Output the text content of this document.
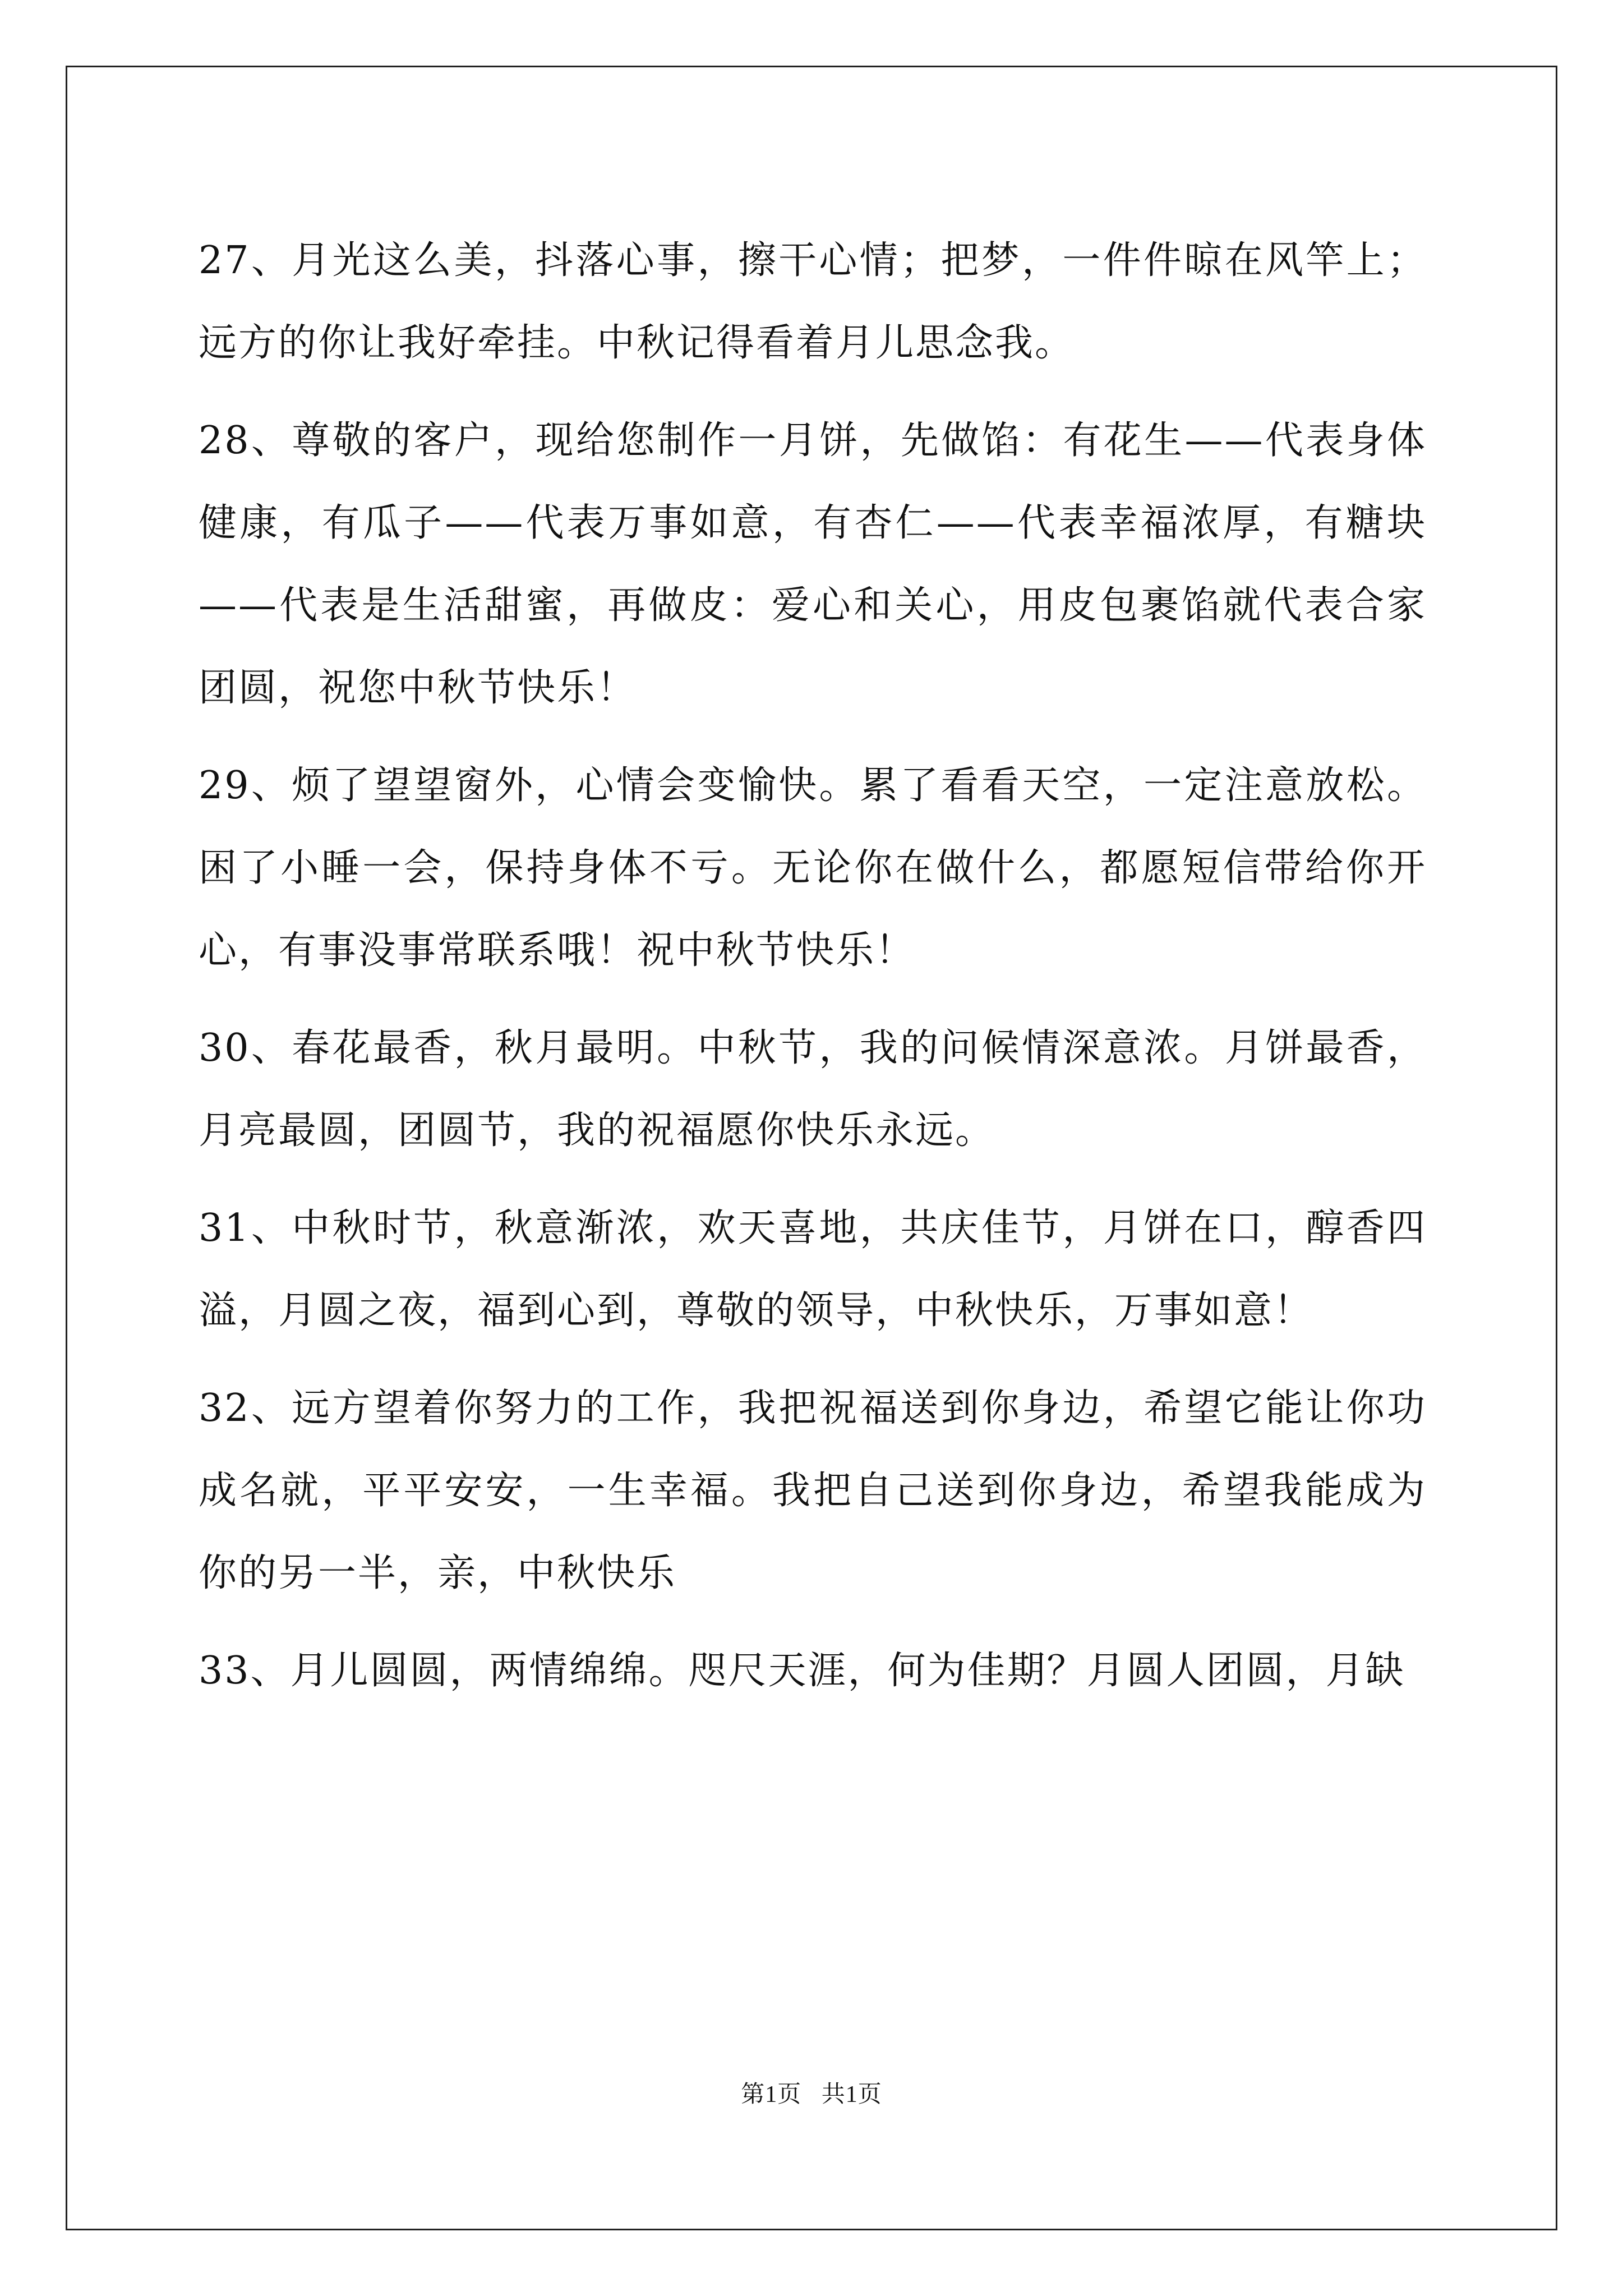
27、月光这么美，抖落心事，擦干心情；把梦，一件件晾在风竿上；远方的你让我好牵挂。中秋记得看着月儿思念我。

28、尊敬的客户，现给您制作一月饼，先做馅：有花生——代表身体健康，有瓜子——代表万事如意，有杏仁——代表幸福浓厚，有糖块——代表是生活甜蜜，再做皮：爱心和关心，用皮包裹馅就代表合家团圆，祝您中秋节快乐！

29、烦了望望窗外，心情会变愉快。累了看看天空，一定注意放松。困了小睡一会，保持身体不亏。无论你在做什么，都愿短信带给你开心，有事没事常联系哦！祝中秋节快乐！

30、春花最香，秋月最明。中秋节，我的问候情深意浓。月饼最香，月亮最圆，团圆节，我的祝福愿你快乐永远。

31、中秋时节，秋意渐浓，欢天喜地，共庆佳节，月饼在口，醇香四溢，月圆之夜，福到心到，尊敬的领导，中秋快乐，万事如意！

32、远方望着你努力的工作，我把祝福送到你身边，希望它能让你功成名就，平平安安，一生幸福。我把自己送到你身边，希望我能成为你的另一半，亲，中秋快乐

33、月儿圆圆，两情绵绵。咫尺天涯，何为佳期？月圆人团圆，月缺

第1页 共1页
